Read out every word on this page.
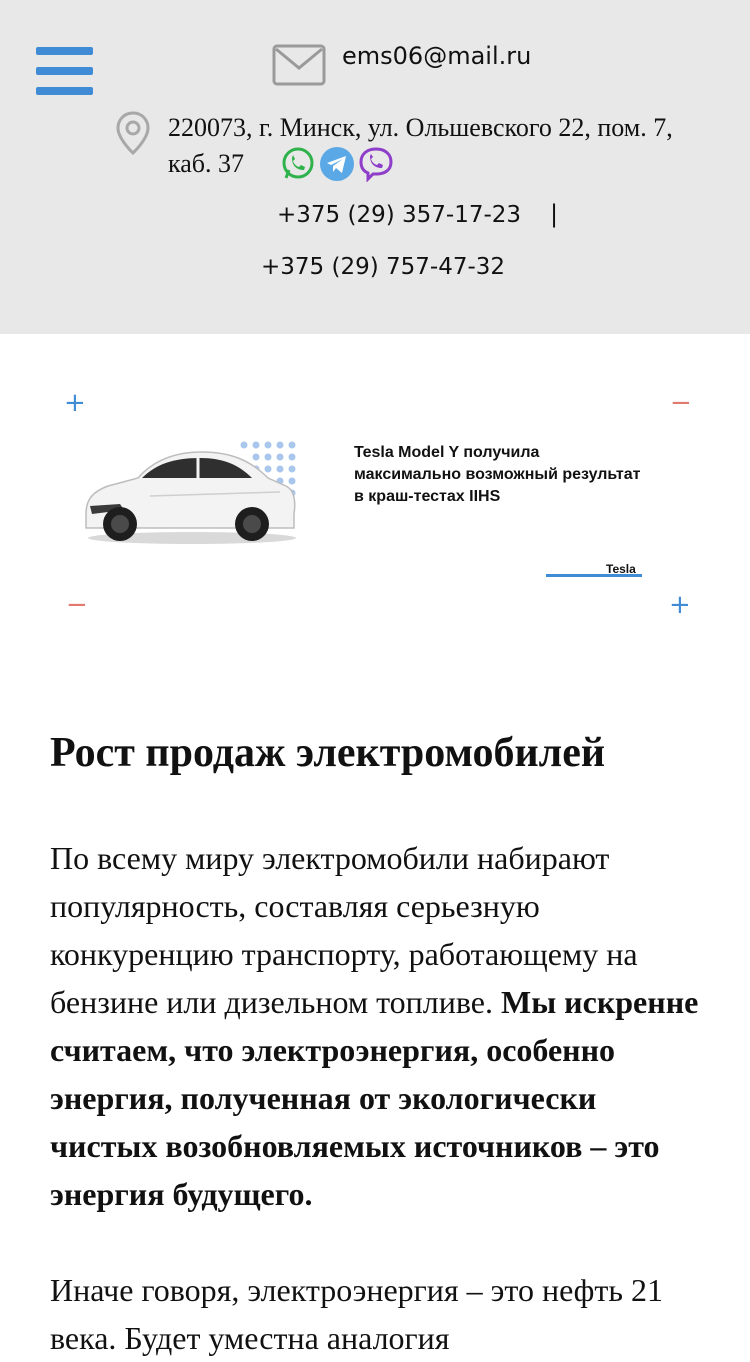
ems06@mail.ru
220073, г. Минск, ул. Ольшевского 22, пом. 7, каб. 37
+375 (29) 357-17-23 |
+375 (29) 757-47-32
+	−
−	+
Tesla Model Y получила максимально возможный результат в краш-тестах IIHS
Tesla
Рост продаж электромобилей

По всему миру электромобили набирают популярность, составляя серьезную конкуренцию транспорту, работающему на бензине или дизельном топливе. Мы искренне считаем, что электроэнергия, особенно энергия, полученная от экологически чистых возобновляемых источников – это энергия будущего.

Иначе говоря, электроэнергия – это нефть 21 века. Будет уместна аналогия
